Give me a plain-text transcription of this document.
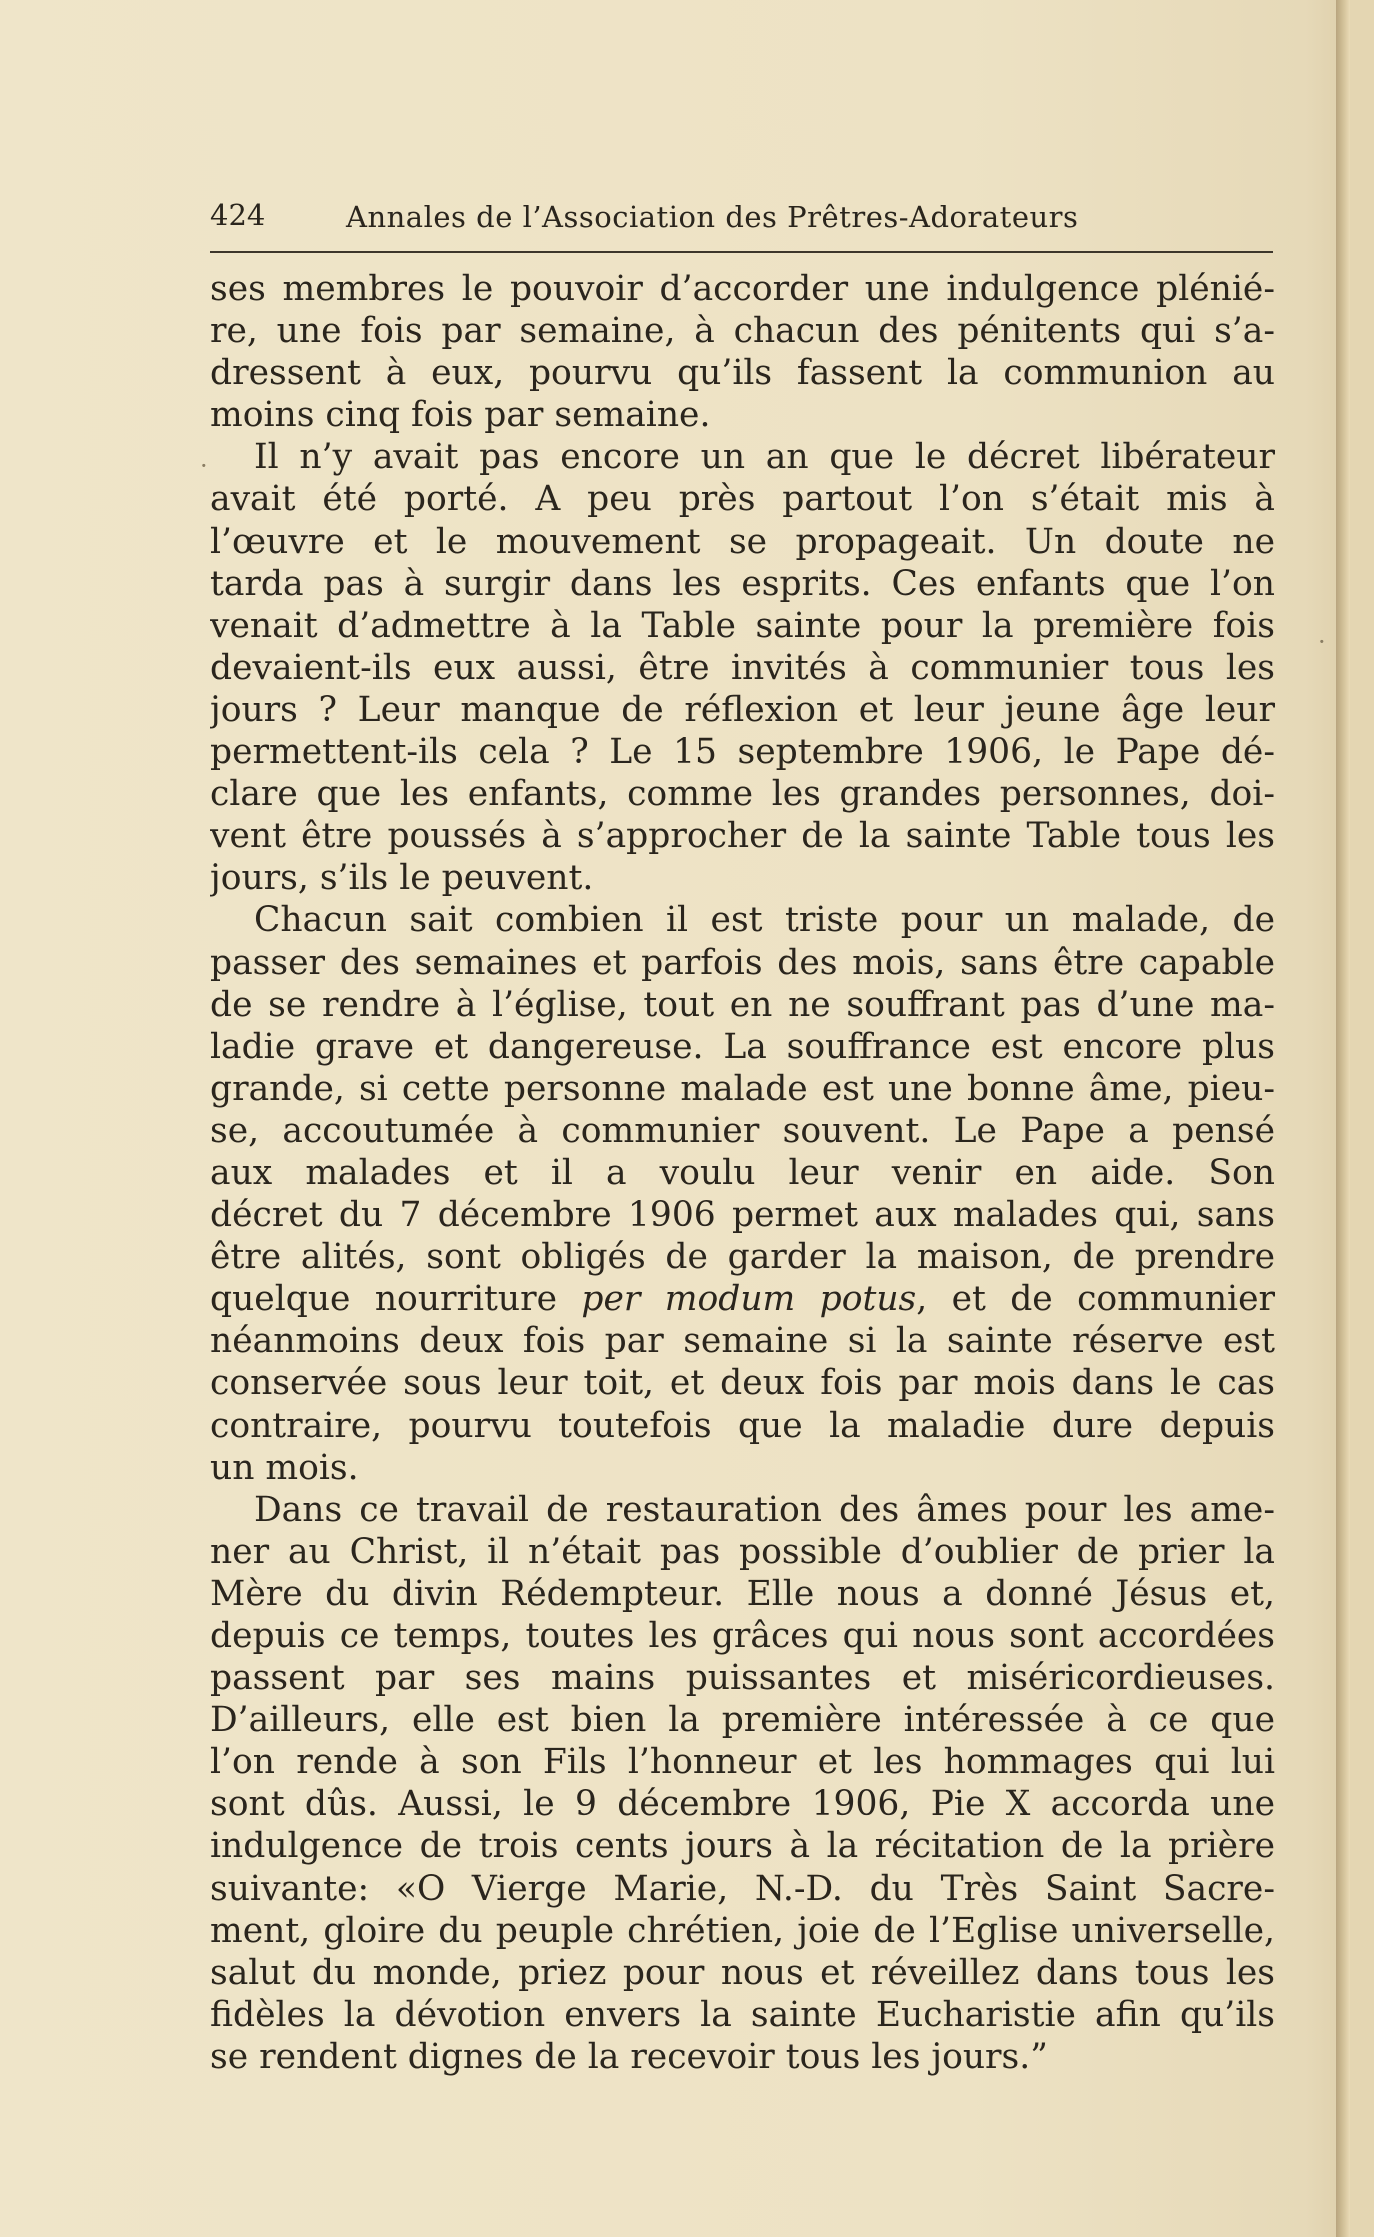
424	Annales de l’Association des Prêtres-Adorateurs
ses membres le pouvoir d’accorder une indulgence plénié-
re, une fois par semaine, à chacun des pénitents qui s’a-
dressent à eux, pourvu qu’ils fassent la communion au
moins cinq fois par semaine.
Il n’y avait pas encore un an que le décret libérateur
avait été porté. A peu près partout l’on s’était mis à
l’œuvre et le mouvement se propageait. Un doute ne
tarda pas à surgir dans les esprits. Ces enfants que l’on
venait d’admettre à la Table sainte pour la première fois
devaient-ils eux aussi, être invités à communier tous les
jours ? Leur manque de réflexion et leur jeune âge leur
permettent-ils cela ? Le 15 septembre 1906, le Pape dé-
clare que les enfants, comme les grandes personnes, doi-
vent être poussés à s’approcher de la sainte Table tous les
jours, s’ils le peuvent.
Chacun sait combien il est triste pour un malade, de
passer des semaines et parfois des mois, sans être capable
de se rendre à l’église, tout en ne souffrant pas d’une ma-
ladie grave et dangereuse. La souffrance est encore plus
grande, si cette personne malade est une bonne âme, pieu-
se, accoutumée à communier souvent. Le Pape a pensé
aux malades et il a voulu leur venir en aide. Son
décret du 7 décembre 1906 permet aux malades qui, sans
être alités, sont obligés de garder la maison, de prendre
quelque nourriture per modum potus, et de communier
néanmoins deux fois par semaine si la sainte réserve est
conservée sous leur toit, et deux fois par mois dans le cas
contraire, pourvu toutefois que la maladie dure depuis
un mois.
Dans ce travail de restauration des âmes pour les ame-
ner au Christ, il n’était pas possible d’oublier de prier la
Mère du divin Rédempteur. Elle nous a donné Jésus et,
depuis ce temps, toutes les grâces qui nous sont accordées
passent par ses mains puissantes et miséricordieuses.
D’ailleurs, elle est bien la première intéressée à ce que
l’on rende à son Fils l’honneur et les hommages qui lui
sont dûs. Aussi, le 9 décembre 1906, Pie X accorda une
indulgence de trois cents jours à la récitation de la prière
suivante: «O Vierge Marie, N.-D. du Très Saint Sacre-
ment, gloire du peuple chrétien, joie de l’Eglise universelle,
salut du monde, priez pour nous et réveillez dans tous les
fidèles la dévotion envers la sainte Eucharistie afin qu’ils
se rendent dignes de la recevoir tous les jours.”
·
·
